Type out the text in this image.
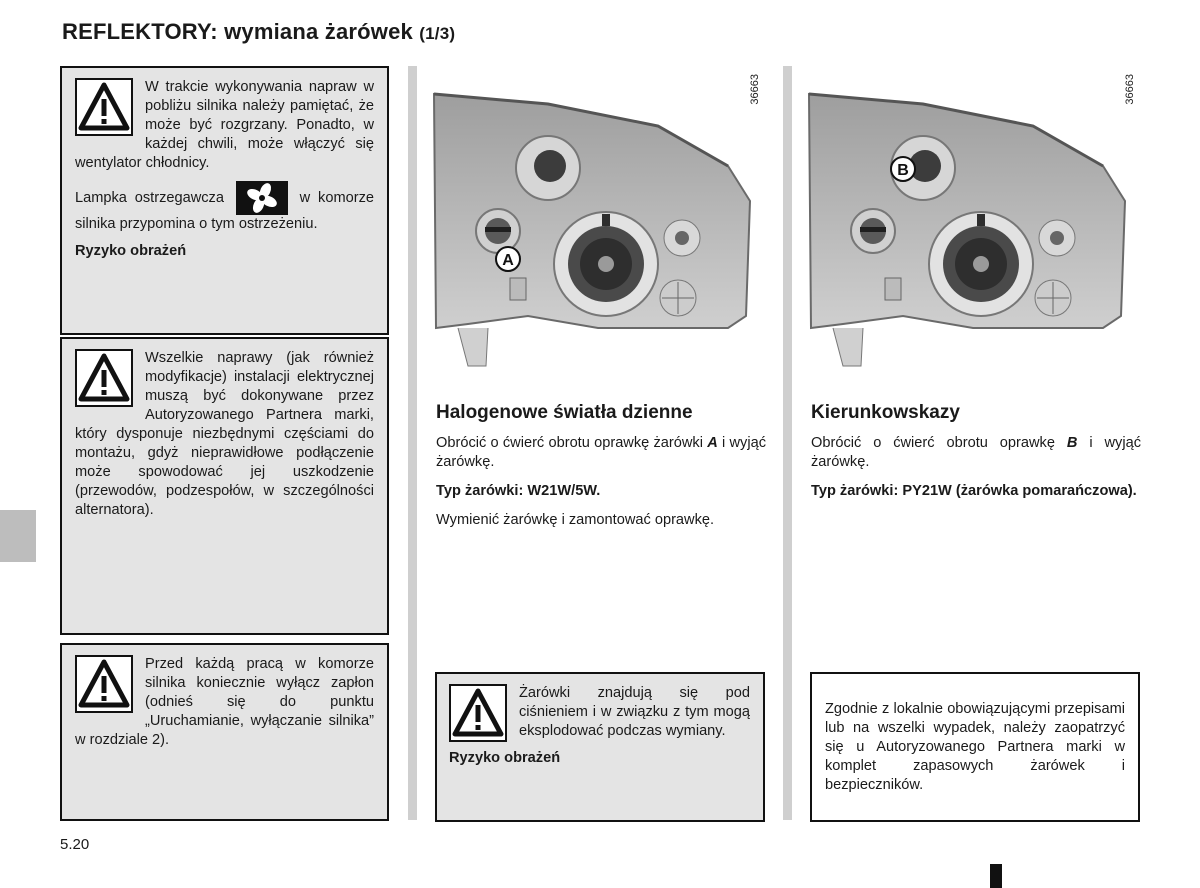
REFLEKTORY: wymiana żarówek (1/3)

W trakcie wykonywania napraw w pobliżu silnika należy pamiętać, że może być rozgrzany. Ponadto, w każdej chwili, może włączyć się wentylator chłodnicy.

Lampka ostrzegawcza	w komorze silnika przypomina o tym ostrzeżeniu.

Ryzyko obrażeń

Wszelkie naprawy (jak również modyfikacje) instalacji elektrycznej muszą być dokonywane przez Autoryzowanego Partnera marki, który dysponuje niezbędnymi częściami do montażu, gdyż nieprawidłowe podłączenie może spowodować jej uszkodzenie (przewodów, podzespołów, w szczególności alternatora).

Przed każdą pracą w komorze silnika koniecznie wyłącz zapłon (odnieś się do punktu „Uruchamianie, wyłączanie silnika” w rozdziale 2).

A
36663
B
36663
Halogenowe światła dzienne

Obrócić o ćwierć obrotu oprawkę żarówki A i wyjąć żarówkę.

Typ żarówki: W21W/5W.

Wymienić żarówkę i zamontować oprawkę.

Kierunkowskazy

Obrócić o ćwierć obrotu oprawkę B i wyjąć żarówkę.

Typ żarówki: PY21W (żarówka pomarańczowa).

Żarówki znajdują się pod ciśnieniem i w związku z tym mogą eksplodować podczas wymiany.

Ryzyko obrażeń

Zgodnie z lokalnie obowiązującymi przepisami lub na wszelki wypadek, należy zaopatrzyć się u Autoryzowanego Partnera marki w komplet zapasowych żarówek i bezpieczników.

5.20
